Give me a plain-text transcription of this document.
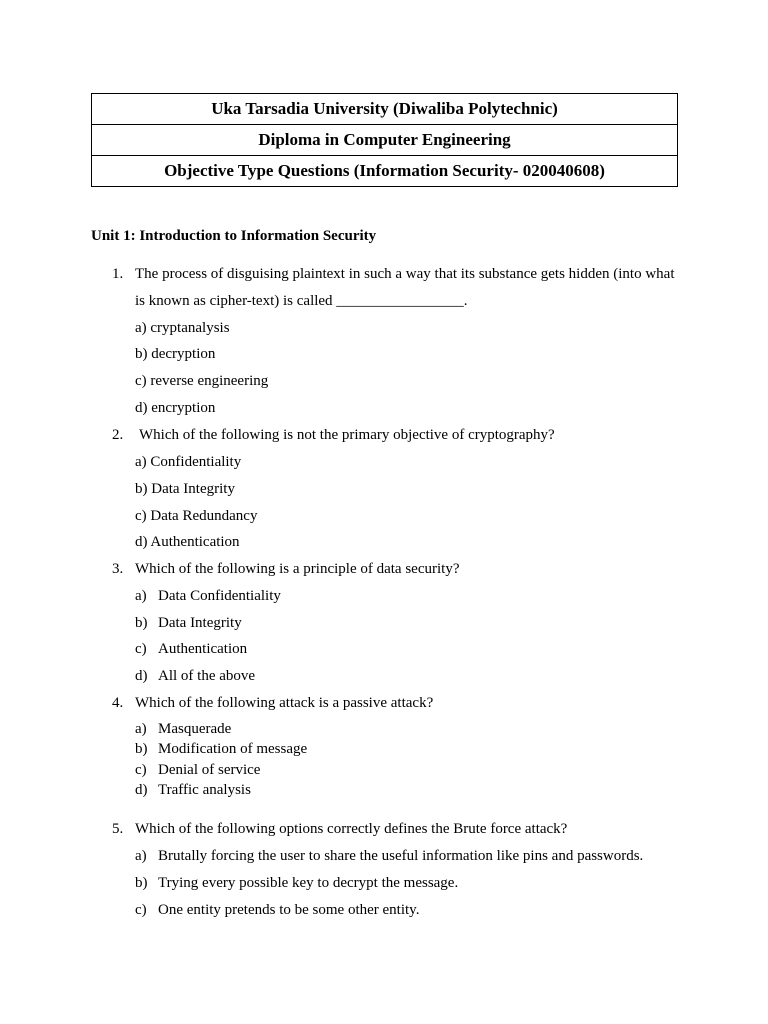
Uka Tarsadia University (Diwaliba Polytechnic)
Diploma in Computer Engineering
Objective Type Questions (Information Security- 020040608)
Unit 1: Introduction to Information Security
1. The process of disguising plaintext in such a way that its substance gets hidden (into what
is known as cipher-text) is called _________________.
a) cryptanalysis
b) decryption
c) reverse engineering
d) encryption
2. Which of the following is not the primary objective of cryptography?
a) Confidentiality
b) Data Integrity
c) Data Redundancy
d) Authentication
3. Which of the following is a principle of data security?
a) Data Confidentiality
b) Data Integrity
c) Authentication
d) All of the above
4. Which of the following attack is a passive attack?
a) Masquerade
b) Modification of message
c) Denial of service
d) Traffic analysis
5. Which of the following options correctly defines the Brute force attack?
a) Brutally forcing the user to share the useful information like pins and passwords.
b) Trying every possible key to decrypt the message.
c) One entity pretends to be some other entity.
